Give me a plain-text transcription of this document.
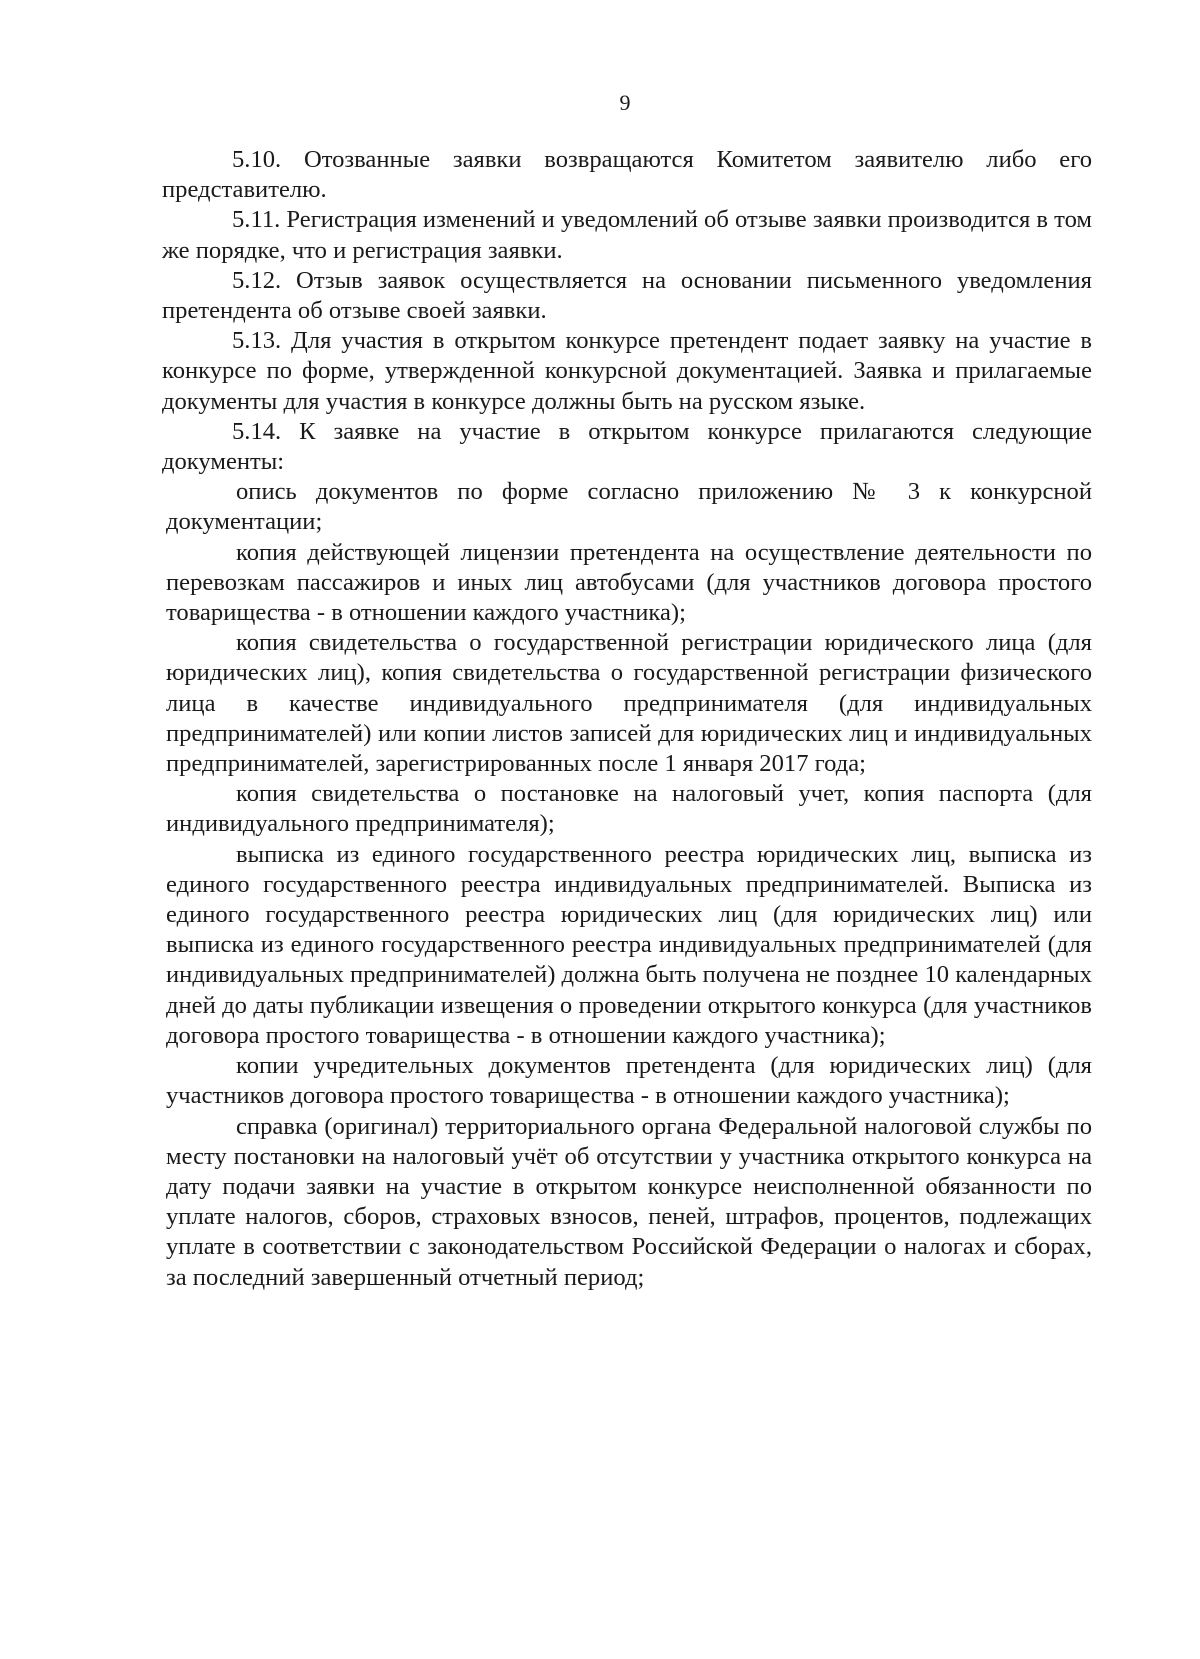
9

5.10. Отозванные заявки возвращаются Комитетом заявителю либо его представителю.

5.11. Регистрация изменений и уведомлений об отзыве заявки производится в том же порядке, что и регистрация заявки.

5.12. Отзыв заявок осуществляется на основании письменного уведомления претендента об отзыве своей заявки.

5.13. Для участия в открытом конкурсе претендент подает заявку на участие в конкурсе по форме, утвержденной конкурсной документацией. Заявка и прилагаемые документы для участия в конкурсе должны быть на русском языке.

5.14. К заявке на участие в открытом конкурсе прилагаются следующие документы:

опись документов по форме согласно приложению № 3 к конкурсной документации;

копия действующей лицензии претендента на осуществление деятельности по перевозкам пассажиров и иных лиц автобусами (для участников договора простого товарищества - в отношении каждого участника);

копия свидетельства о государственной регистрации юридического лица (для юридических лиц), копия свидетельства о государственной регистрации физического лица в качестве индивидуального предпринимателя (для индивидуальных предпринимателей) или копии листов записей для юридических лиц и индивидуальных предпринимателей, зарегистрированных после 1 января 2017 года;

копия свидетельства о постановке на налоговый учет, копия паспорта (для индивидуального предпринимателя);

выписка из единого государственного реестра юридических лиц, выписка из единого государственного реестра индивидуальных предпринимателей. Выписка из единого государственного реестра юридических лиц (для юридических лиц) или выписка из единого государственного реестра индивидуальных предпринимателей (для индивидуальных предпринимателей) должна быть получена не позднее 10 календарных дней до даты публикации извещения о проведении открытого конкурса (для участников договора простого товарищества - в отношении каждого участника);

копии учредительных документов претендента (для юридических лиц) (для участников договора простого товарищества - в отношении каждого участника);

справка (оригинал) территориального органа Федеральной налоговой службы по месту постановки на налоговый учёт об отсутствии у участника открытого конкурса на дату подачи заявки на участие в открытом конкурсе неисполненной обязанности по уплате налогов, сборов, страховых взносов, пеней, штрафов, процентов, подлежащих уплате в соответствии с законодательством Российской Федерации о налогах и сборах, за последний завершенный отчетный период;
